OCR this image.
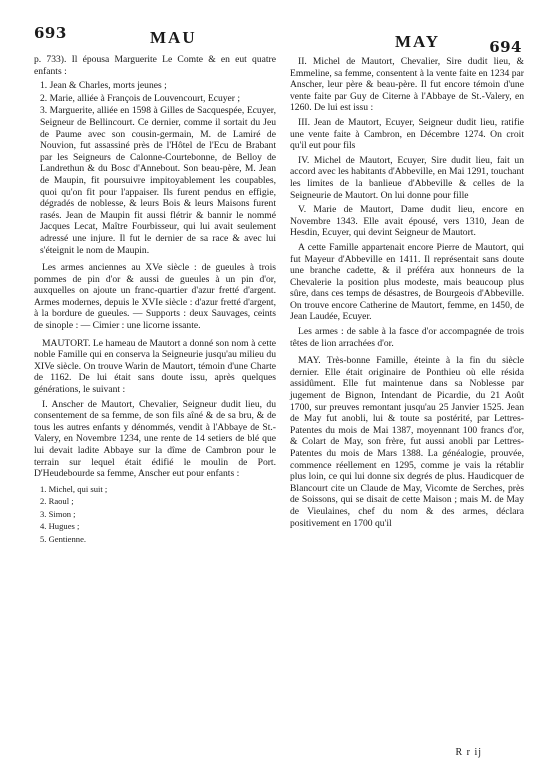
693	MAU	MAY	694

p. 733). Il épousa Marguerite Le Comte & en eut quatre enfants :

1. Jean & Charles, morts jeunes ;
2. Marie, alliée à François de Louvencourt, Ecuyer ;
3. Marguerite, alliée en 1598 à Gilles de Sacquespée, Ecuyer, Seigneur de Bellincourt. Ce dernier, comme il sortait du Jeu de Paume avec son cousin-germain, M. de Lamiré de Nouvion, fut assassiné près de l'Hôtel de l'Ecu de Brabant par les Seigneurs de Calonne-Courtebonne, de Belloy de Landrethun & du Bosc d'Annebout. Son beau-père, M. Jean de Maupin, fit poursuivre impitoyablement les coupables, quoi qu'on fit pour l'appaiser. Ils furent pendus en effigie, dégradés de noblesse, & leurs Bois & leurs Maisons furent rasés. Jean de Maupin fit aussi flétrir & bannir le nommé Jacques Lecat, Maître Fourbisseur, qui lui avait seulement adressé une injure. Il fut le dernier de sa race & avec lui s'éteignit le nom de Maupin.

Les armes anciennes au XVe siècle : de gueules à trois pommes de pin d'or & aussi de gueules à un pin d'or, auxquelles on ajoute un franc-quartier d'azur fretté d'argent. Armes modernes, depuis le XVIe siècle : d'azur fretté d'argent, à la bordure de gueules. — Supports : deux Sauvages, ceints de sinople : — Cimier : une licorne issante.

MAUTORT. Le hameau de Mautort a donné son nom à cette noble Famille qui en conserva la Seigneurie jusqu'au milieu du XIVe siècle. On trouve Warin de Mautort, témoin d'une Charte de 1162. De lui était sans doute issu, après quelques générations, le suivant :

I. Anscher de Mautort, Chevalier, Seigneur dudit lieu, du consentement de sa femme, de son fils aîné & de sa bru, & de tous les autres enfants y dénommés, vendit à l'Abbaye de St.-Valery, en Novembre 1234, une rente de 14 setiers de blé que lui devait ladite Abbaye sur la dîme de Cambron pour le terrain sur lequel était édifié le moulin de Port. D'Heudebourde sa femme, Anscher eut pour enfants :

1. Michel, qui suit ;
2. Raoul ;
3. Simon ;
4. Hugues ;
5. Gentienne.

II. Michel de Mautort, Chevalier, Sire dudit lieu, & Emmeline, sa femme, consentent à la vente faite en 1234 par Anscher, leur père & beau-père. Il fut encore témoin d'une vente faite par Guy de Citerne à l'Abbaye de St.-Valery, en 1260. De lui est issu :

III. Jean de Mautort, Ecuyer, Seigneur dudit lieu, ratifie une vente faite à Cambron, en Décembre 1274. On croit qu'il eut pour fils

IV. Michel de Mautort, Ecuyer, Sire dudit lieu, fait un accord avec les habitants d'Abbeville, en Mai 1291, touchant les limites de la banlieue d'Abbeville & celles de la Seigneurie de Mautort. On lui donne pour fille

V. Marie de Mautort, Dame dudit lieu, encore en Novembre 1343. Elle avait épousé, vers 1310, Jean de Hesdin, Ecuyer, qui devint Seigneur de Mautort.

A cette Famille appartenait encore Pierre de Mautort, qui fut Mayeur d'Abbeville en 1411. Il représentait sans doute une branche cadette, & il préféra aux honneurs de la Chevalerie la position plus modeste, mais beaucoup plus sûre, dans ces temps de désastres, de Bourgeois d'Abbeville. On trouve encore Catherine de Mautort, femme, en 1450, de Jean Laudée, Ecuyer.

Les armes : de sable à la fasce d'or accompagnée de trois têtes de lion arrachées d'or.

MAY. Très-bonne Famille, éteinte à la fin du siècle dernier. Elle était originaire de Ponthieu où elle résida assidûment. Elle fut maintenue dans sa Noblesse par jugement de Bignon, Intendant de Picardie, du 21 Août 1700, sur preuves remontant jusqu'au 25 Janvier 1525. Jean de May fut anobli, lui & toute sa postérité, par Lettres-Patentes du mois de Mai 1387, moyennant 100 francs d'or, & Colart de May, son frère, fut aussi anobli par Lettres-Patentes du mois de Mars 1388. La généalogie, prouvée, commence réellement en 1295, comme je vais la rétablir plus loin, ce qui lui donne six degrés de plus. Haudicquer de Blancourt cite un Claude de May, Vicomte de Serches, près de Soissons, qui se disait de cette Maison ; mais M. de May de Vieulaines, chef du nom & des armes, déclara positivement en 1700 qu'il

R r ij
